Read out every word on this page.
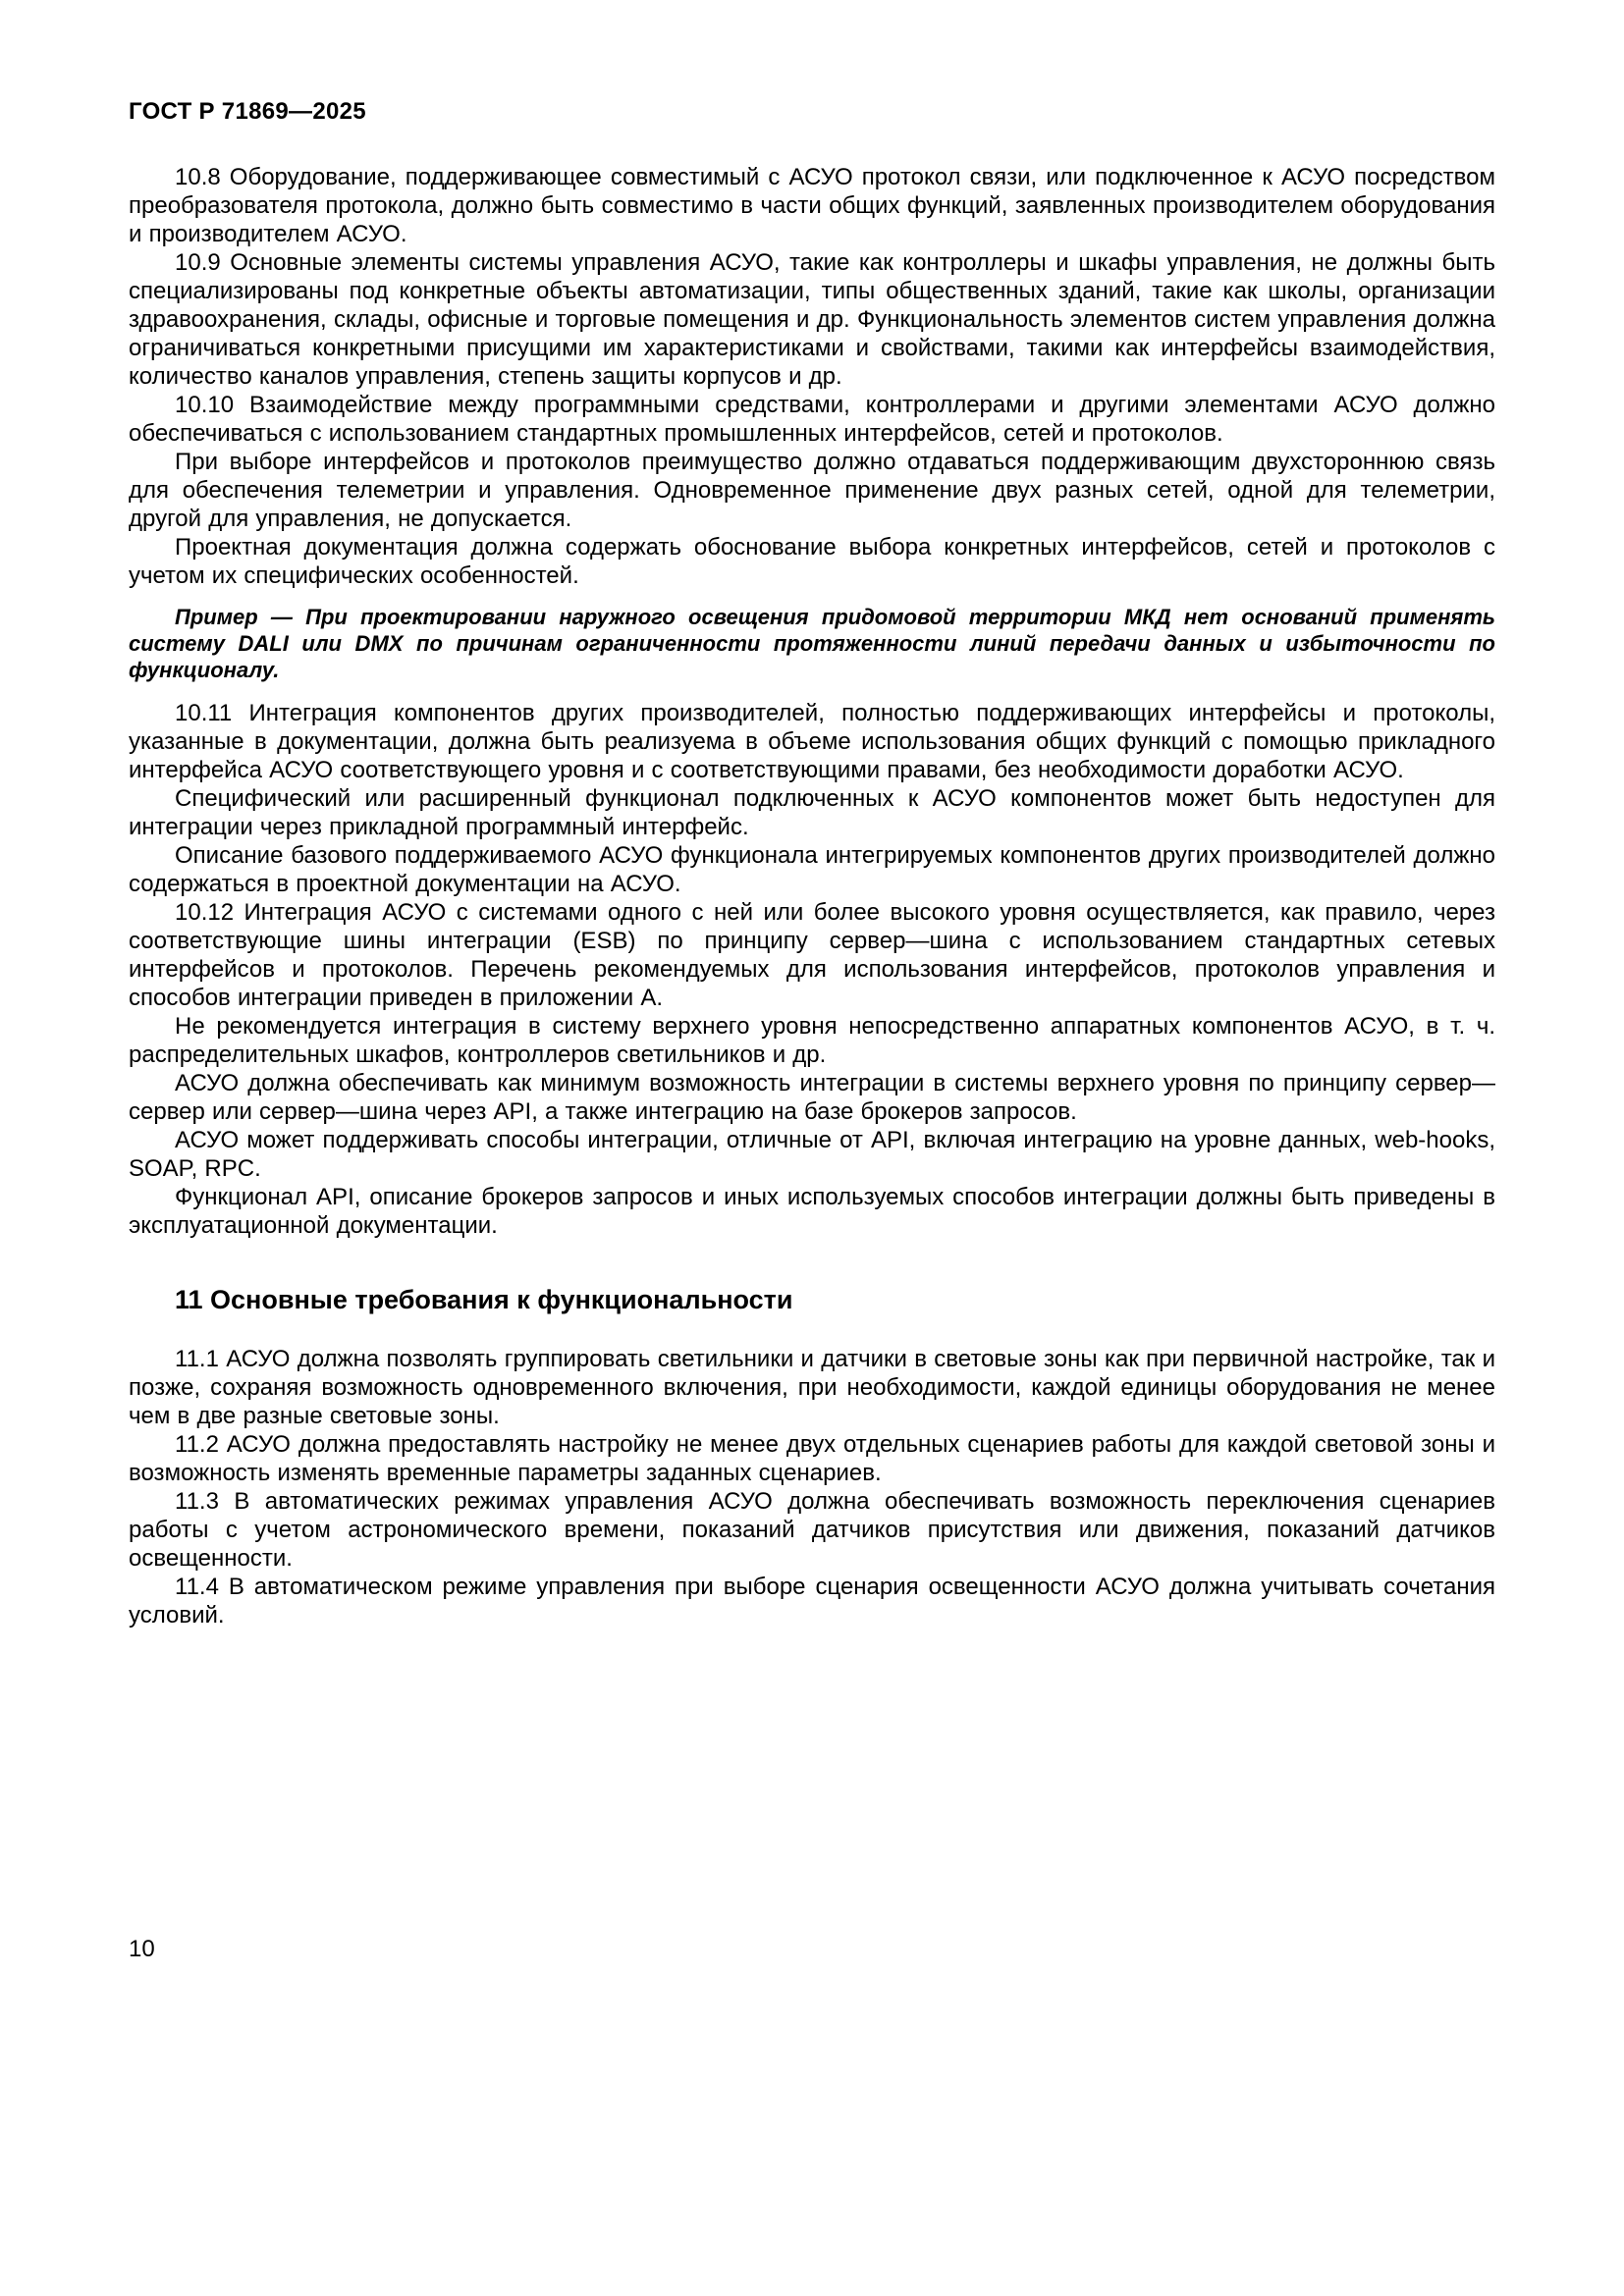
ГОСТ Р 71869—2025

10.8 Оборудование, поддерживающее совместимый с АСУО протокол связи, или подключенное к АСУО посредством преобразователя протокола, должно быть совместимо в части общих функций, заявленных производителем оборудования и производителем АСУО.

10.9 Основные элементы системы управления АСУО, такие как контроллеры и шкафы управления, не должны быть специализированы под конкретные объекты автоматизации, типы общественных зданий, такие как школы, организации здравоохранения, склады, офисные и торговые помещения и др. Функциональность элементов систем управления должна ограничиваться конкретными присущими им характеристиками и свойствами, такими как интерфейсы взаимодействия, количество каналов управления, степень защиты корпусов и др.

10.10 Взаимодействие между программными средствами, контроллерами и другими элементами АСУО должно обеспечиваться с использованием стандартных промышленных интерфейсов, сетей и протоколов.

При выборе интерфейсов и протоколов преимущество должно отдаваться поддерживающим двухстороннюю связь для обеспечения телеметрии и управления. Одновременное применение двух разных сетей, одной для телеметрии, другой для управления, не допускается.

Проектная документация должна содержать обоснование выбора конкретных интерфейсов, сетей и протоколов с учетом их специфических особенностей.

Пример — При проектировании наружного освещения придомовой территории МКД нет оснований применять систему DALI или DMX по причинам ограниченности протяженности линий передачи данных и избыточности по функционалу.

10.11 Интеграция компонентов других производителей, полностью поддерживающих интерфейсы и протоколы, указанные в документации, должна быть реализуема в объеме использования общих функций с помощью прикладного интерфейса АСУО соответствующего уровня и с соответствующими правами, без необходимости доработки АСУО.

Специфический или расширенный функционал подключенных к АСУО компонентов может быть недоступен для интеграции через прикладной программный интерфейс.

Описание базового поддерживаемого АСУО функционала интегрируемых компонентов других производителей должно содержаться в проектной документации на АСУО.

10.12 Интеграция АСУО с системами одного с ней или более высокого уровня осуществляется, как правило, через соответствующие шины интеграции (ESB) по принципу сервер—шина с использованием стандартных сетевых интерфейсов и протоколов. Перечень рекомендуемых для использования интерфейсов, протоколов управления и способов интеграции приведен в приложении А.

Не рекомендуется интеграция в систему верхнего уровня непосредственно аппаратных компонентов АСУО, в т. ч. распределительных шкафов, контроллеров светильников и др.

АСУО должна обеспечивать как минимум возможность интеграции в системы верхнего уровня по принципу сервер—сервер или сервер—шина через API, а также интеграцию на базе брокеров запросов.

АСУО может поддерживать способы интеграции, отличные от API, включая интеграцию на уровне данных, web-hooks, SOAP, RPC.

Функционал API, описание брокеров запросов и иных используемых способов интеграции должны быть приведены в эксплуатационной документации.

11 Основные требования к функциональности

11.1 АСУО должна позволять группировать светильники и датчики в световые зоны как при первичной настройке, так и позже, сохраняя возможность одновременного включения, при необходимости, каждой единицы оборудования не менее чем в две разные световые зоны.

11.2 АСУО должна предоставлять настройку не менее двух отдельных сценариев работы для каждой световой зоны и возможность изменять временные параметры заданных сценариев.

11.3 В автоматических режимах управления АСУО должна обеспечивать возможность переключения сценариев работы с учетом астрономического времени, показаний датчиков присутствия или движения, показаний датчиков освещенности.

11.4 В автоматическом режиме управления при выборе сценария освещенности АСУО должна учитывать сочетания условий.

10
